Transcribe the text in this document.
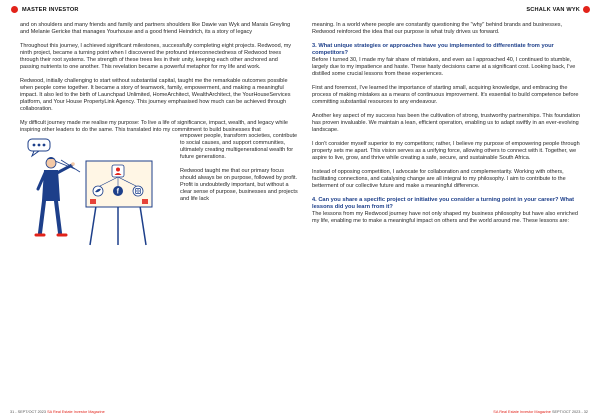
MASTER INVESTOR	SCHALK VAN WYK

and on shoulders and many friends and family and partners shoulders like Dawie van Wyk and Marais Greyling and Melanie Gericke that manages Yourhouse and a good friend Heindrich, its a story of legacy

Throughout this journey, I achieved significant milestones, successfully completing eight projects. Redwood, my ninth project, became a turning point when I discovered the profound interconnectedness of Redwood trees through their root systems. The strength of these trees lies in their unity, keeping each other anchored and passing nutrients to one another. This revelation became a powerful metaphor for my life and work.

Redwood, initially challenging to start without substantial capital, taught me the remarkable outcomes possible when people come together. It became a story of teamwork, family, empowerment, and making a meaningful impact. It also led to the birth of Launchpad Unlimited, HomeArchitect, WealthArchitect, the YourHouseServices platform, and Your House PropertyLink Agency. This journey emphasised how much can be achieved through collaboration.

My difficult journey made me realise my purpose: To live a life of significance, impact, wealth, and legacy while inspiring other leaders to do the same. This translated into my commitment to build businesses that

f

empower people, transform societies, contribute to social causes, and support communities, ultimately creating multigenerational wealth for future generations.

Redwood taught me that our primary focus should always be on purpose, followed by profit. Profit is undoubtedly important, but without a clear sense of purpose, businesses and projects and life lack

meaning. In a world where people are constantly questioning the "why" behind brands and businesses, Redwood reinforced the idea that our purpose is what truly drives us forward.

3. What unique strategies or approaches have you implemented to differentiate from your competitors?

Before I turned 30, I made my fair share of mistakes, and even as I approached 40, I continued to stumble, largely due to my impatience and haste. These hasty decisions came at a significant cost. Looking back, I've distilled some crucial lessons from these experiences.

First and foremost, I've learned the importance of starting small, acquiring knowledge, and embracing the process of making mistakes as a means of continuous improvement. It's essential to build competence before committing substantial resources to any endeavour.

Another key aspect of my success has been the cultivation of strong, trustworthy partnerships. This foundation has proven invaluable. We maintain a lean, efficient operation, enabling us to adapt swiftly in an ever-evolving landscape.

I don't consider myself superior to my competitors; rather, I believe my purpose of empowering people through property sets me apart. This vision serves as a unifying force, allowing others to connect with it. Together, we aspire to live, grow, and thrive while creating a safe, secure, and sustainable South Africa.

Instead of opposing competition, I advocate for collaboration and complementarity. Working with others, facilitating connections, and catalysing change are all integral to my philosophy. I aim to contribute to the betterment of our collective future and make a meaningful difference.

4. Can you share a specific project or initiative you consider a turning point in your career? What lessons did you learn from it?

The lessons from my Redwood journey have not only shaped my business philosophy but have also enriched my life, enabling me to make a meaningful impact on others and the world around me. These lessons are:

31 - SEPT/OCT 2023 SA Real Estate Investor Magazine	SA Real Estate Investor Magazine SEPT/OCT 2023 - 32
